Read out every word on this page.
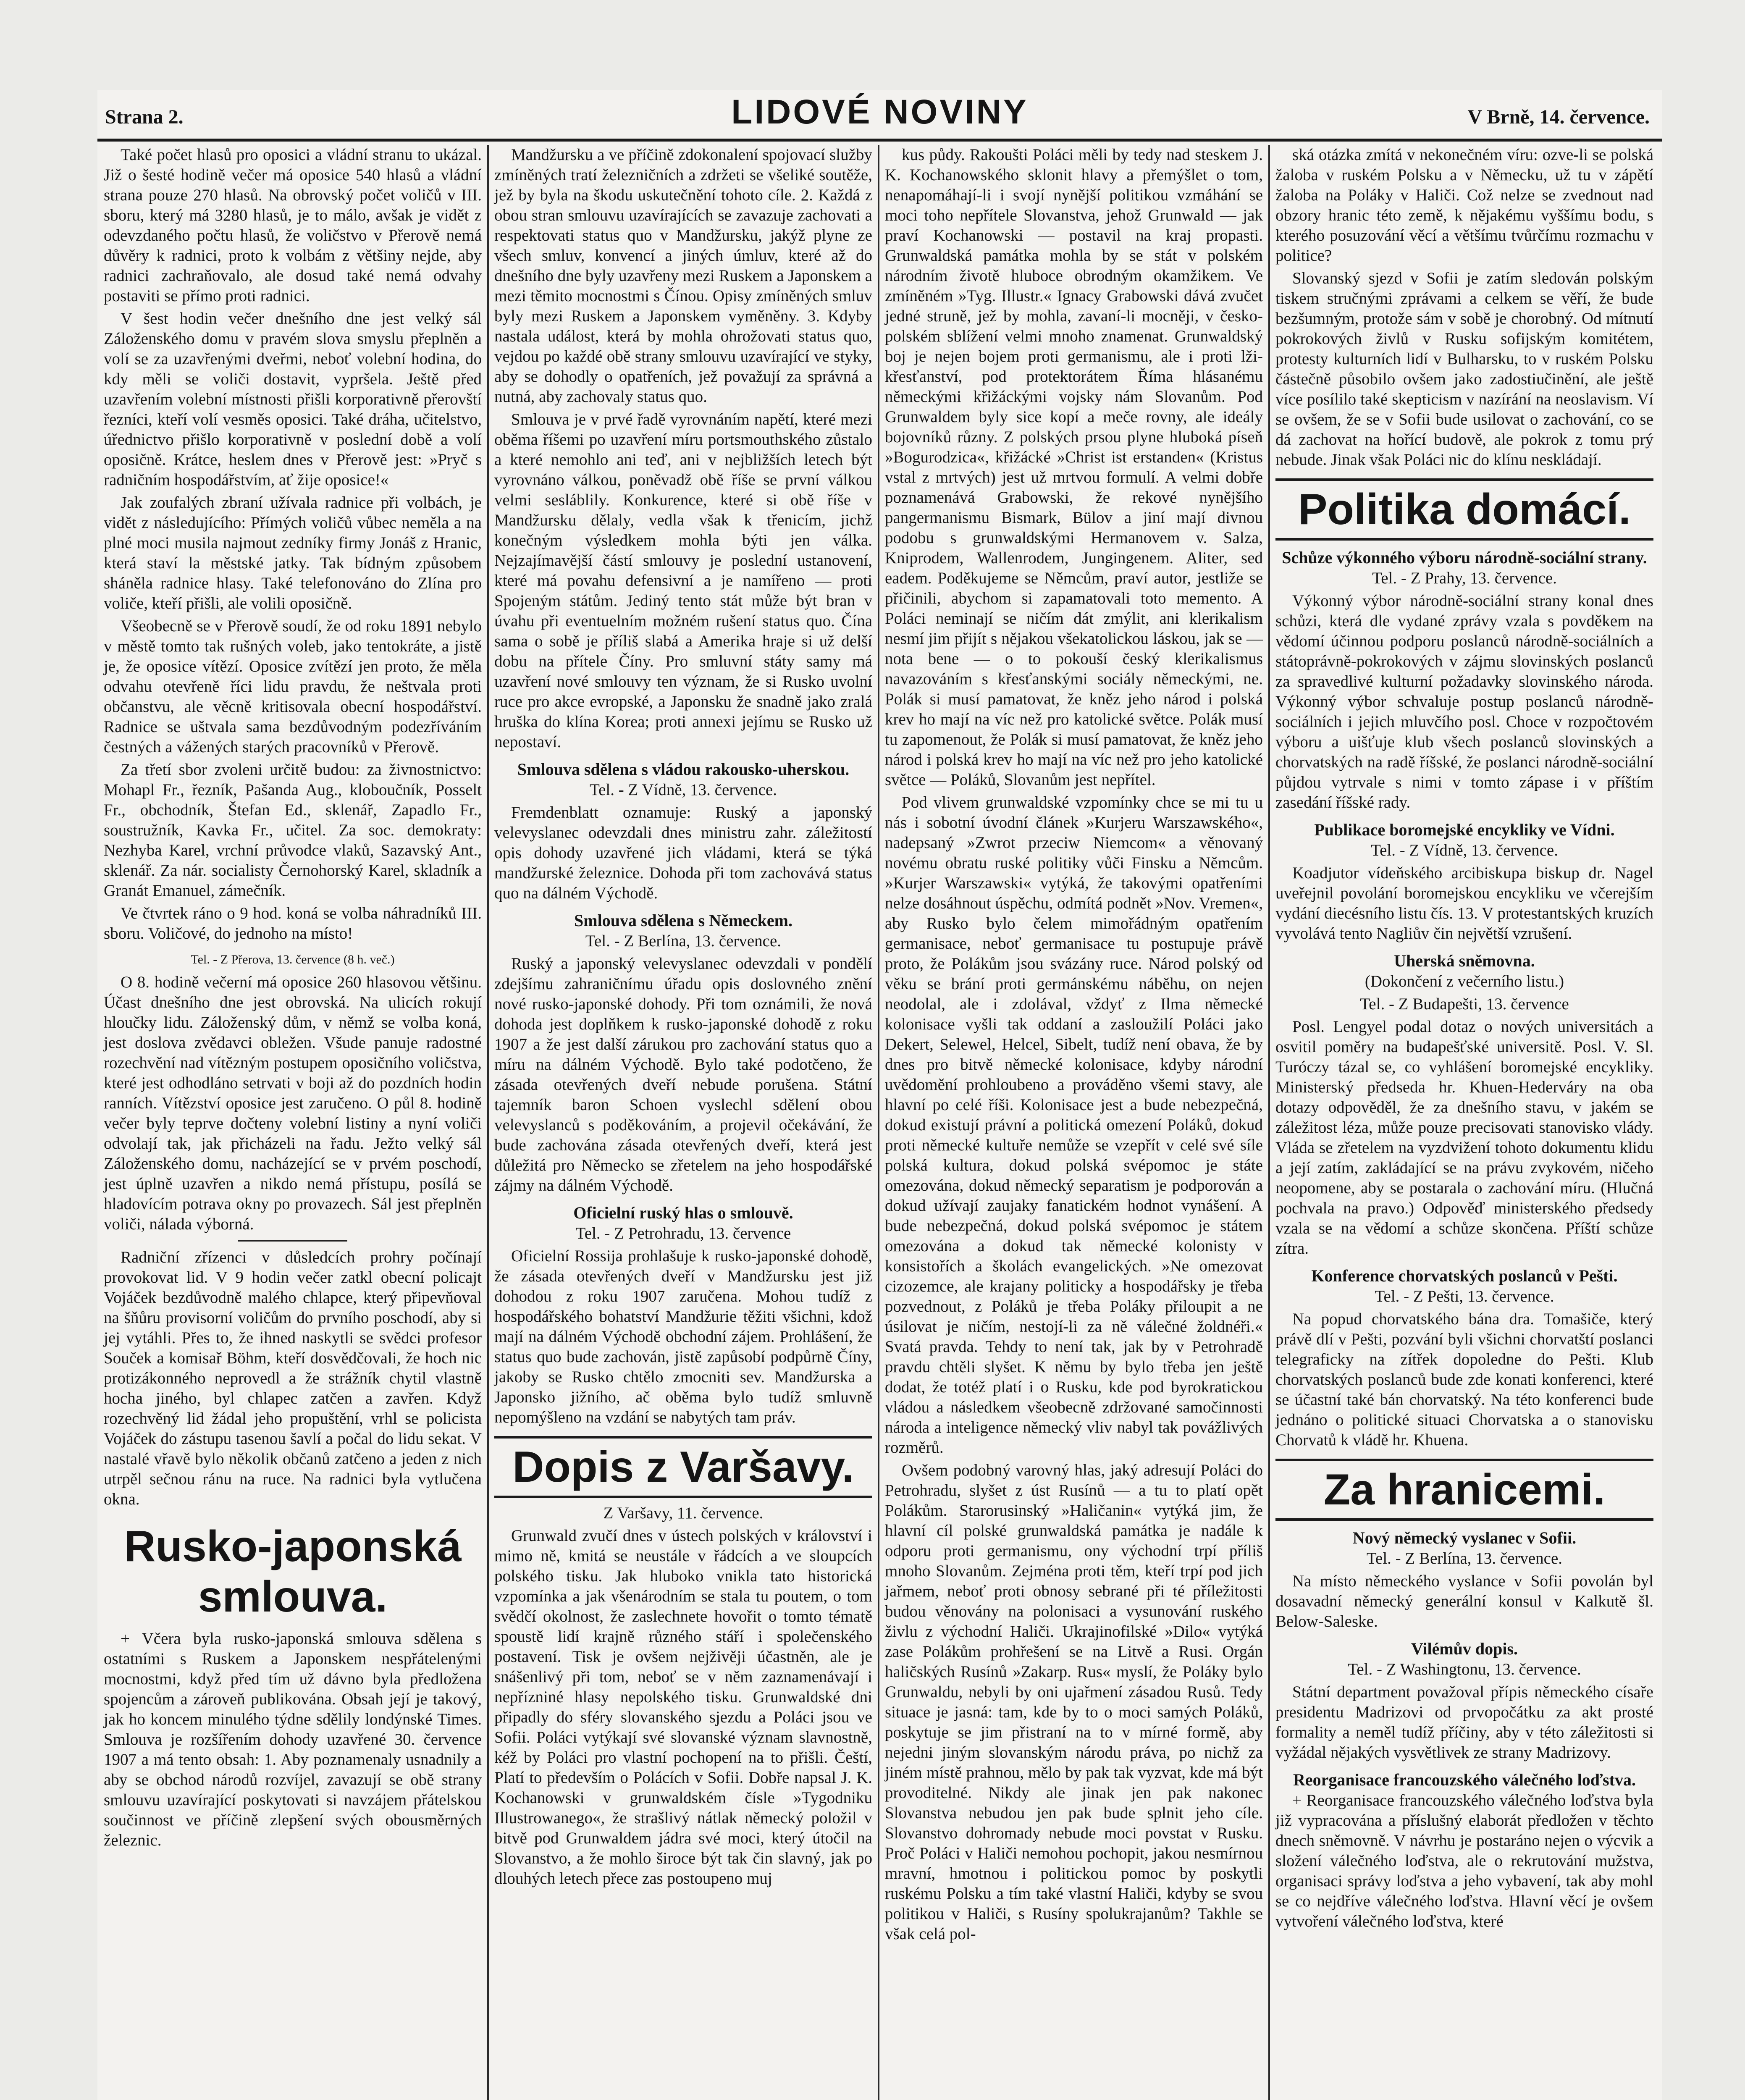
Strana 2.	LIDOVÉ NOVINY	V Brně, 14. července.

Také počet hlasů pro oposici a vládní stranu to ukázal. Již o šesté hodině večer má oposice 540 hlasů a vládní strana pouze 270 hlasů. Na obrovský počet voličů v III. sboru, který má 3280 hlasů, je to málo, avšak je vidět z odevzdaného počtu hlasů, že voličstvo v Přerově nemá důvěry k radnici, proto k volbám z většiny nejde, aby radnici zachraňovalo, ale dosud také nemá odvahy postaviti se přímo proti radnici.

V šest hodin večer dnešního dne jest velký sál Záloženského domu v pravém slova smyslu přeplněn a volí se za uzavřenými dveřmi, neboť volební hodina, do kdy měli se voliči dostavit, vypršela. Ještě před uzavřením volební místnosti přišli korporativně přerovští řezníci, kteří volí vesměs oposici. Také dráha, učitelstvo, úřednictvo přišlo korporativně v poslední době a volí oposičně. Krátce, heslem dnes v Přerově jest: »Pryč s radničním hospodářstvím, ať žije oposice!«

Jak zoufalých zbraní užívala radnice při volbách, je vidět z následujícího: Přímých voličů vůbec neměla a na plné moci musila najmout zedníky firmy Jonáš z Hranic, která staví la městské jatky. Tak bídným způsobem sháněla radnice hlasy. Také telefonováno do Zlína pro voliče, kteří přišli, ale volili oposičně.

Všeobecně se v Přerově soudí, že od roku 1891 nebylo v městě tomto tak rušných voleb, jako tentokráte, a jistě je, že oposice vítězí. Oposice zvítězí jen proto, že měla odvahu otevřeně říci lidu pravdu, že neštvala proti občanstvu, ale věcně kritisovala obecní hospodářství. Radnice se uštvala sama bezdůvodným podezříváním čestných a vážených starých pracovníků v Přerově.

Za třetí sbor zvoleni určitě budou: za živnostnictvo: Mohapl Fr., řezník, Pašanda Aug., kloboučník, Posselt Fr., obchodník, Štefan Ed., sklenář, Zapadlo Fr., soustružník, Kavka Fr., učitel. Za soc. demokraty: Nezhyba Karel, vrchní průvodce vlaků, Sazavský Ant., sklenář. Za nár. socialisty Černohorský Karel, skladník a Granát Emanuel, zámečník.

Ve čtvrtek ráno o 9 hod. koná se volba náhradníků III. sboru. Voličové, do jednoho na místo!

Tel. - Z Přerova, 13. července (8 h. več.)

O 8. hodině večerní má oposice 260 hlasovou většinu. Účast dnešního dne jest obrovská. Na ulicích rokují hloučky lidu. Záloženský dům, v němž se volba koná, jest doslova zvědavci obležen. Všude panuje radostné rozechvění nad vítězným postupem oposičního voličstva, které jest odhodláno setrvati v boji až do pozdních hodin ranních. Vítězství oposice jest zaručeno. O půl 8. hodině večer byly teprve dočteny volební listiny a nyní voliči odvolají tak, jak přicházeli na řadu. Ježto velký sál Záloženského domu, nacházející se v prvém poschodí, jest úplně uzavřen a nikdo nemá přístupu, posílá se hladovícím potrava okny po provazech. Sál jest přeplněn voliči, nálada výborná.

Radniční zřízenci v důsledcích prohry počínají provokovat lid. V 9 hodin večer zatkl obecní policajt Vojáček bezdůvodně malého chlapce, který připevňoval na šňůru provisorní voličům do prvního poschodí, aby si jej vytáhli. Přes to, že ihned naskytli se svědci profesor Souček a komisař Böhm, kteří dosvědčovali, že hoch nic protizákonného neprovedl a že strážník chytil vlastně hocha jiného, byl chlapec zatčen a zavřen. Když rozechvěný lid žádal jeho propuštění, vrhl se policista Vojáček do zástupu tasenou šavlí a počal do lidu sekat. V nastalé vřavě bylo několik občanů zatčeno a jeden z nich utrpěl sečnou ránu na ruce. Na radnici byla vytlučena okna.

Rusko-japonská smlouva.

+ Včera byla rusko-japonská smlouva sdělena s ostatními s Ruskem a Japonskem nespřátelenými mocnostmi, když před tím už dávno byla předložena spojencům a zároveň publikována. Obsah její je takový, jak ho koncem minulého týdne sdělily londýnské Times. Smlouva je rozšířením dohody uzavřené 30. července 1907 a má tento obsah: 1. Aby poznamenaly usnadnily a aby se obchod národů rozvíjel, zavazují se obě strany smlouvu uzavírající poskytovati si navzájem přátelskou součinnost ve příčině zlepšení svých obousměrných železnic.

Mandžursku a ve příčině zdokonalení spojovací služby zmíněných tratí železničních a zdržeti se všeliké soutěže, jež by byla na škodu uskutečnění tohoto cíle. 2. Každá z obou stran smlouvu uzavírajících se zavazuje zachovati a respektovati status quo v Mandžursku, jakýž plyne ze všech smluv, konvencí a jiných úmluv, které až do dnešního dne byly uzavřeny mezi Ruskem a Japonskem a mezi těmito mocnostmi s Čínou. Opisy zmíněných smluv byly mezi Ruskem a Japonskem vyměněny. 3. Kdyby nastala událost, která by mohla ohrožovati status quo, vejdou po každé obě strany smlouvu uzavírající ve styky, aby se dohodly o opatřeních, jež považují za správná a nutná, aby zachovaly status quo.

Smlouva je v prvé řadě vyrovnáním napětí, které mezi oběma říšemi po uzavření míru portsmouthského zůstalo a které nemohlo ani teď, ani v nejbližších letech být vyrovnáno válkou, poněvadž obě říše se první válkou velmi sesláblily. Konkurence, které si obě říše v Mandžursku dělaly, vedla však k třenicím, jichž konečným výsledkem mohla býti jen válka. Nejzajímavější částí smlouvy je poslední ustanovení, které má povahu defensivní a je namířeno — proti Spojeným státům. Jediný tento stát může být bran v úvahu při eventuelním možném rušení status quo. Čína sama o sobě je příliš slabá a Amerika hraje si už delší dobu na přítele Číny. Pro smluvní státy samy má uzavření nové smlouvy ten význam, že si Rusko uvolní ruce pro akce evropské, a Japonsku že snadně jako zralá hruška do klína Korea; proti annexi jejímu se Rusko už nepostaví.

Smlouva sdělena s vládou rakousko-uherskou.
Tel. - Z Vídně, 13. července.

Fremdenblatt oznamuje: Ruský a japonský velevyslanec odevzdali dnes ministru zahr. záležitostí opis dohody uzavřené jich vládami, která se týká mandžurské železnice. Dohoda při tom zachovává status quo na dálném Východě.

Smlouva sdělena s Německem.
Tel. - Z Berlína, 13. července.

Ruský a japonský velevyslanec odevzdali v pondělí zdejšímu zahraničnímu úřadu opis doslovného znění nové rusko-japonské dohody. Při tom oznámili, že nová dohoda jest doplňkem k rusko-japonské dohodě z roku 1907 a že jest další zárukou pro zachování status quo a míru na dálném Východě. Bylo také podotčeno, že zásada otevřených dveří nebude porušena. Státní tajemník baron Schoen vyslechl sdělení obou velevyslanců s poděkováním, a projevil očekávání, že bude zachována zásada otevřených dveří, která jest důležitá pro Německo se zřetelem na jeho hospodářské zájmy na dálném Východě.

Oficielní ruský hlas o smlouvě.
Tel. - Z Petrohradu, 13. července

Oficielní Rossija prohlašuje k rusko-japonské dohodě, že zásada otevřených dveří v Mandžursku jest již dohodou z roku 1907 zaručena. Mohou tudíž z hospodářského bohatství Mandžurie těžiti všichni, kdož mají na dálném Východě obchodní zájem. Prohlášení, že status quo bude zachován, jistě zapůsobí podpůrně Číny, jakoby se Rusko chtělo zmocniti sev. Mandžurska a Japonsko jižního, ač oběma bylo tudíž smluvně nepomýšleno na vzdání se nabytých tam práv.

Dopis z Varšavy.
Z Varšavy, 11. července.

Grunwald zvučí dnes v ústech polských v království i mimo ně, kmitá se neustále v řádcích a ve sloupcích polského tisku. Jak hluboko vnikla tato historická vzpomínka a jak všenárodním se stala tu poutem, o tom svědčí okolnost, že zaslechnete hovořit o tomto tématě spoustě lidí krajně různého stáří i společenského postavení. Tisk je ovšem nejživěji účastněn, ale je snášenlivý při tom, neboť se v něm zaznamenávají i nepřízniné hlasy nepolského tisku. Grunwaldské dni připadly do sféry slovanského sjezdu a Poláci jsou ve Sofii. Poláci vytýkají své slovanské význam slavnostně, kéž by Poláci pro vlastní pochopení na to přišli. Čeští, Platí to především o Polácích v Sofii. Dobře napsal J. K. Kochanowski v grunwaldském čísle »Tygodniku Illustrowanego«, že strašlivý nátlak německý položil v bitvě pod Grunwaldem jádra své moci, který útočil na Slovanstvo, a že mohlo široce být tak čin slavný, jak po dlouhých letech přece zas postoupeno muj

kus půdy. Rakoušti Poláci měli by tedy nad steskem J. K. Kochanowského sklonit hlavy a přemýšlet o tom, nenapomáhají-li i svojí nynější politikou vzmáhání se moci toho nepřítele Slovanstva, jehož Grunwald — jak praví Kochanowski — postavil na kraj propasti. Grunwaldská památka mohla by se stát v polském národním životě hluboce obrodným okamžikem. Ve zmíněném »Tyg. Illustr.« Ignacy Grabowski dává zvučet jedné struně, jež by mohla, zavaní-li mocněji, v česko-polském sblížení velmi mnoho znamenat. Grunwaldský boj je nejen bojem proti germanismu, ale i proti lži-křesťanství, pod protektorátem Říma hlásanému německými křižáckými vojsky nám Slovanům. Pod Grunwaldem byly sice kopí a meče rovny, ale ideály bojovníků různy. Z polských prsou plyne hluboká píseň »Bogurodzica«, křižácké »Christ ist erstanden« (Kristus vstal z mrtvých) jest už mrtvou formulí. A velmi dobře poznamenává Grabowski, že rekové nynějšího pangermanismu Bismark, Bülov a jiní mají divnou podobu s grunwaldskými Hermanovem v. Salza, Kniprodem, Wallenrodem, Jungingenem. Aliter, sed eadem. Poděkujeme se Němcům, praví autor, jestliže se přičinili, abychom si zapamatovali toto memento. A Poláci neminají se ničím dát zmýlit, ani klerikalism nesmí jim přijít s nějakou všekatolickou láskou, jak se — nota bene — o to pokouší český klerikalismus navazováním s křesťanskými sociály německými, ne. Polák si musí pamatovat, že kněz jeho národ i polská krev ho mají na víc než pro katolické světce. Polák musí tu zapomenout, že Polák si musí pamatovat, že kněz jeho národ i polská krev ho mají na víc než pro jeho katolické světce — Poláků, Slovanům jest nepřítel.

Pod vlivem grunwaldské vzpomínky chce se mi tu u nás i sobotní úvodní článek »Kurjeru Warszawského«, nadepsaný »Zwrot przeciw Niemcom« a věnovaný novému obratu ruské politiky vůči Finsku a Němcům. »Kurjer Warszawski« vytýká, že takovými opatřeními nelze dosáhnout úspěchu, odmítá podnět »Nov. Vremen«, aby Rusko bylo čelem mimořádným opatřením germanisace, neboť germanisace tu postupuje právě proto, že Polákům jsou svázány ruce. Národ polský od věku se brání proti germánskému náběhu, on nejen neodolal, ale i zdolával, vždyť z Ilma německé kolonisace vyšli tak oddaní a zasloužilí Poláci jako Dekert, Selewel, Helcel, Sibelt, tudíž není obava, že by dnes pro bitvě německé kolonisace, kdyby národní uvědomění prohloubeno a prováděno všemi stavy, ale hlavní po celé říši. Kolonisace jest a bude nebezpečná, dokud existují právní a politická omezení Poláků, dokud proti německé kultuře nemůže se vzepřít v celé své síle polská kultura, dokud polská svépomoc je státe omezována, dokud německý separatism je podporován a dokud užívají zaujaky fanatickém hodnot vynášení. A bude nebezpečná, dokud polská svépomoc je státem omezována a dokud tak německé kolonisty v konsistořích a školách evangelických. »Ne omezovat cizozemce, ale krajany politicky a hospodářsky je třeba pozvednout, z Poláků je třeba Poláky přiloupit a ne úsilovat je ničím, nestojí-li za ně válečné žoldnéři.« Svatá pravda. Tehdy to není tak, jak by v Petrohradě pravdu chtěli slyšet. K němu by bylo třeba jen ještě dodat, že totéž platí i o Rusku, kde pod byrokratickou vládou a následkem všeobecně zdržované samočinnosti národa a inteligence německý vliv nabyl tak povážlivých rozměrů.

Ovšem podobný varovný hlas, jaký adresují Poláci do Petrohradu, slyšet z úst Rusínů — a tu to platí opět Polákům. Starorusinský »Haličanin« vytýká jim, že hlavní cíl polské grunwaldská památka je nadále k odporu proti germanismu, ony východní trpí příliš mnoho Slovanům. Zejména proti těm, kteří trpí pod jich jařmem, neboť proti obnosy sebrané při té příležitosti budou věnovány na polonisaci a vysunování ruského živlu z východní Haliči. Ukrajinofilské »Dilo« vytýká zase Polákům prohřešení se na Litvě a Rusi. Orgán haličských Rusínů »Zakarp. Rus« myslí, že Poláky bylo Grunwaldu, nebyli by oni ujařmení zásadou Rusů. Tedy situace je jasná: tam, kde by to o moci samých Poláků, poskytuje se jim přistraní na to v mírné formě, aby nejedni jiným slovanským národu práva, po nichž za jiném místě prahnou, mělo by pak tak vyzvat, kde má být provoditelné. Nikdy ale jinak jen pak nakonec Slovanstva nebudou jen pak bude splnit jeho cíle. Slovanstvo dohromady nebude moci povstat v Rusku. Proč Poláci v Haliči nemohou pochopit, jakou nesmírnou mravní, hmotnou i politickou pomoc by poskytli ruskému Polsku a tím také vlastní Haliči, kdyby se svou politikou v Haliči, s Rusíny spolukrajanům? Takhle se však celá pol-

ská otázka zmítá v nekonečném víru: ozve-li se polská žaloba v ruském Polsku a v Německu, už tu v zápětí žaloba na Poláky v Haliči. Což nelze se zvednout nad obzory hranic této země, k nějakému vyššímu bodu, s kterého posuzování věcí a většímu tvůrčímu rozmachu v politice?

Slovanský sjezd v Sofii je zatím sledován polským tiskem stručnými zprávami a celkem se věří, že bude bezšumným, protože sám v sobě je chorobný. Od mítnutí pokrokových živlů v Rusku sofijským komitétem, protesty kulturních lidí v Bulharsku, to v ruském Polsku částečně působilo ovšem jako zadostiučinění, ale ještě více posílilo také skepticism v nazírání na neoslavism. Ví se ovšem, že se v Sofii bude usilovat o zachování, co se dá zachovat na hořící budově, ale pokrok z tomu prý nebude. Jinak však Poláci nic do klínu neskládají.

Politika domácí.
Schůze výkonného výboru národně-sociální strany.
Tel. - Z Prahy, 13. července.

Výkonný výbor národně-sociální strany konal dnes schůzi, která dle vydané zprávy vzala s povděkem na vědomí účinnou podporu poslanců národně-sociálních a státoprávně-pokrokových v zájmu slovinských poslanců za spravedlivé kulturní požadavky slovinského národa. Výkonný výbor schvaluje postup poslanců národně-sociálních i jejich mluvčího posl. Choce v rozpočtovém výboru a uišťuje klub všech poslanců slovinských a chorvatských na radě říšské, že poslanci národně-sociální půjdou vytrvale s nimi v tomto zápase i v příštím zasedání říšské rady.

Publikace boromejské encykliky ve Vídni.
Tel. - Z Vídně, 13. července.

Koadjutor vídeňského arcibiskupa biskup dr. Nagel uveřejnil povolání boromejskou encykliku ve včerejším vydání diecésního listu čís. 13. V protestantských kruzích vyvolává tento Nagliův čin největší vzrušení.

Uherská sněmovna.
(Dokončení z večerního listu.)
Tel. - Z Budapešti, 13. července

Posl. Lengyel podal dotaz o nových universitách a osvitil poměry na budapešťské universitě. Posl. V. Sl. Turóczy tázal se, co vyhlášení boromejské encykliky. Ministerský předseda hr. Khuen-Hederváry na oba dotazy odpověděl, že za dnešního stavu, v jakém se záležitost léza, může pouze precisovati stanovisko vlády. Vláda se zřetelem na vyzdvižení tohoto dokumentu klidu a její zatím, zakládající se na právu zvykovém, ničeho neopomene, aby se postarala o zachování míru. (Hlučná pochvala na pravo.) Odpověď ministerského předsedy vzala se na vědomí a schůze skončena. Příští schůze zítra.

Konference chorvatských poslanců v Pešti.
Tel. - Z Pešti, 13. července.

Na popud chorvatského bána dra. Tomašiče, který právě dlí v Pešti, pozvání byli všichni chorvatští poslanci telegraficky na zítřek dopoledne do Pešti. Klub chorvatských poslanců bude zde konati konferenci, které se účastní také bán chorvatský. Na této konferenci bude jednáno o politické situaci Chorvatska a o stanovisku Chorvatů k vládě hr. Khuena.

Za hranicemi.
Nový německý vyslanec v Sofii.
Tel. - Z Berlína, 13. července.

Na místo německého vyslance v Sofii povolán byl dosavadní německý generální konsul v Kalkutě šl. Below-Saleske.

Vilémův dopis.
Tel. - Z Washingtonu, 13. července.

Státní department považoval přípis německého císaře presidentu Madrizovi od prvopočátku za akt prosté formality a neměl tudíž příčiny, aby v této záležitosti si vyžádal nějakých vysvětlivek ze strany Madrizovy.

Reorganisace francouzského válečného loďstva.

+ Reorganisace francouzského válečného loďstva byla již vypracována a příslušný elaborát předložen v těchto dnech sněmovně. V návrhu je postaráno nejen o výcvik a složení válečného loďstva, ale o rekrutování mužstva, organisaci správy loďstva a jeho vybavení, tak aby mohl se co nejdříve válečného loďstva. Hlavní věcí je ovšem vytvoření válečného loďstva, které
